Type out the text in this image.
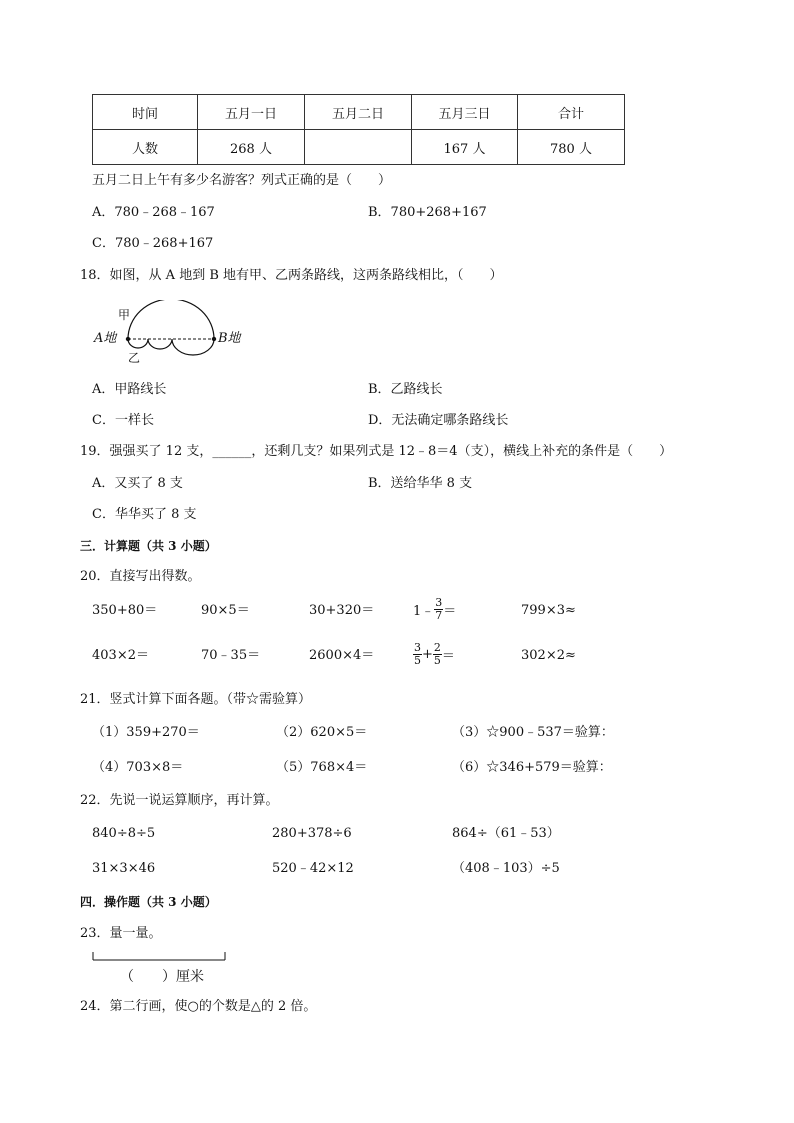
时间	五月一日	五月二日	五月三日	合计
人数	268 人		167 人	780 人
五月二日上午有多少名游客？列式正确的是（　　）
A．780﹣268﹣167	B．780+268+167
C．780﹣268+167
18．如图，从 A 地到 B 地有甲、乙两条路线，这两条路线相比，（　　）
甲
乙
A地	B地
A．甲路线长	B．乙路线长
C．一样长	D．无法确定哪条路线长
19．强强买了 12 支，______，还剩几支？如果列式是 12﹣8＝4（支），横线上补充的条件是（　　）
A．又买了 8 支	B．送给华华 8 支
C．华华买了 8 支
三．计算题（共 3 小题）
20．直接写出得数。
350+80＝	90×5＝	30+320＝	1﹣ $\frac{3}{7}$ ＝	799×3≈
403×2＝	70﹣35＝	2600×4＝	$\frac{3}{5} + \frac{2}{5}$ ＝	302×2≈
21．竖式计算下面各题。（带☆需验算）
（1）359+270＝	（2）620×5＝	（3）☆900﹣537＝验算：
（4）703×8＝	（5）768×4＝	（6）☆346+579＝验算：
22．先说一说运算顺序，再计算。
840÷8÷5	280+378÷6	864÷（61﹣53）
31×3×46	520﹣42×12	（408﹣103）÷5
四．操作题（共 3 小题）
23．量一量。
（　　）厘米
24．第二行画，使○的个数是△的 2 倍。
